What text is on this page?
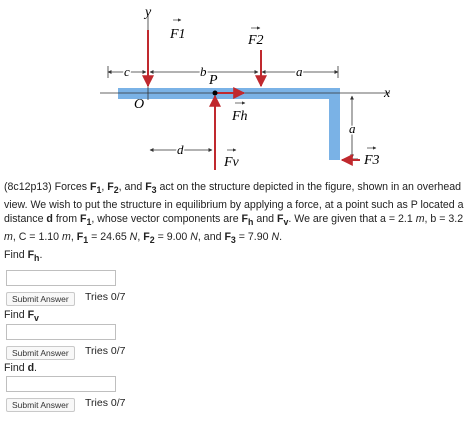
y
x
O
P
c	b	a
a
d
F1	F2
F3
Fh
Fv

(8c12p13) Forces $F_1$, $F_2$, and $F_3$ act on the structure depicted in the figure, shown in an overhead view. We wish to put the structure in equilibrium by applying a force, at a point such as P located a distance d from $F_1$, whose vector components are $F_h$ and $F_v$. We are given that a = 2.1 m, b = 3.2 m, C = 1.10 m, $F_1 = 24.65$ N, $F_2 = 9.00$ N, and $F_3 = 7.90$ N.
Find $F_h$.

Submit Answer	Tries 0/7
Find $F_v$
Submit Answer	Tries 0/7
Find d.
Submit Answer	Tries 0/7
